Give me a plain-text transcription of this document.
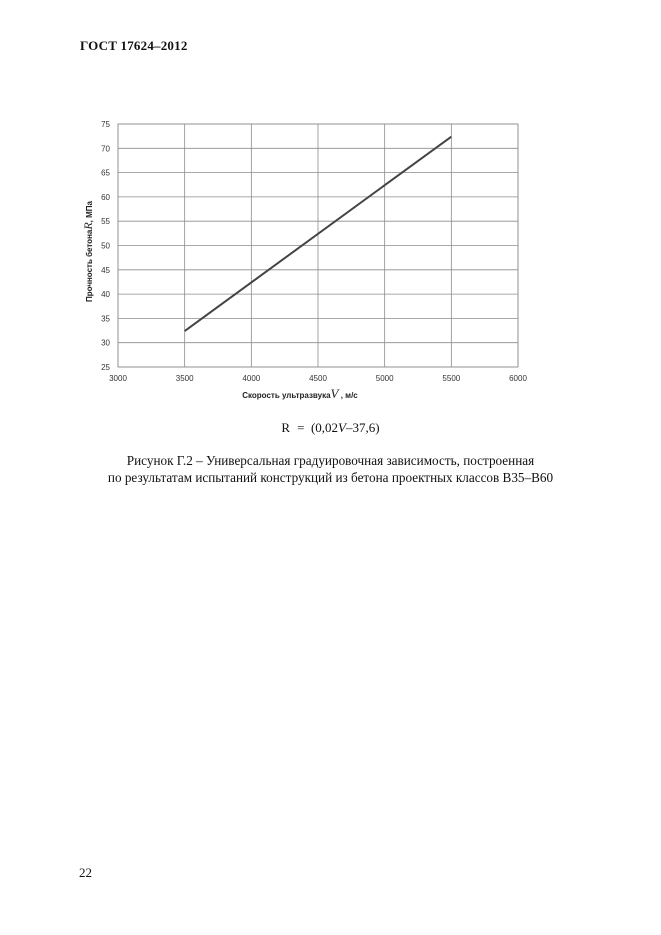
ГОСТ 17624–2012
25
30
35
40
45
50
55
60
65
70
75
3000	3500	4000	4500	5000	5500	6000
Скорость ультразвукаV , м/с
Прочность бетонаR, МПа
R = (0,02V–37,6)
Рисунок Г.2 – Универсальная градуировочная зависимость, построенная
по результатам испытаний конструкций из бетона проектных классов В35–В60
22
